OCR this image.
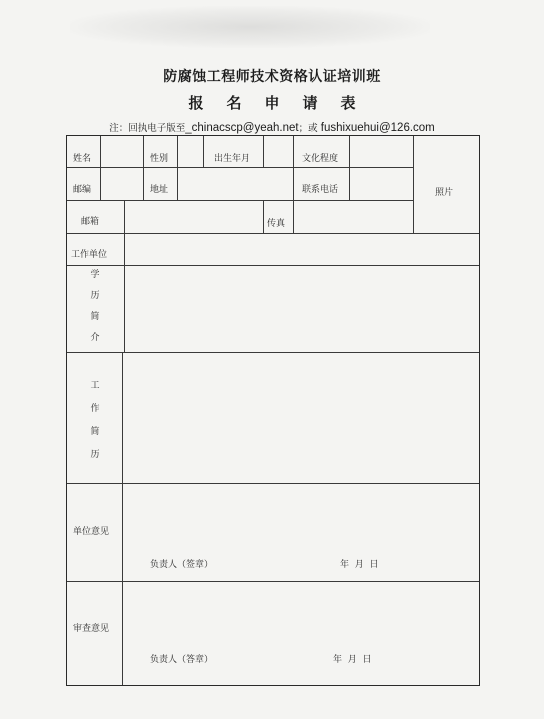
防腐蚀工程师技术资格认证培训班
报名申请表
注：回执电子版至_chinacscp@yeah.net；或 fushixuehui@126.com
姓名	性别	出生年月	文化程度
照片
邮编	地址	联系电话
邮箱	传真
工作单位
学
历
简
介
工
作
简
历
单位意见
负责人（签章）	年  月  日
审查意见
负责人（答章）	年  月  日
